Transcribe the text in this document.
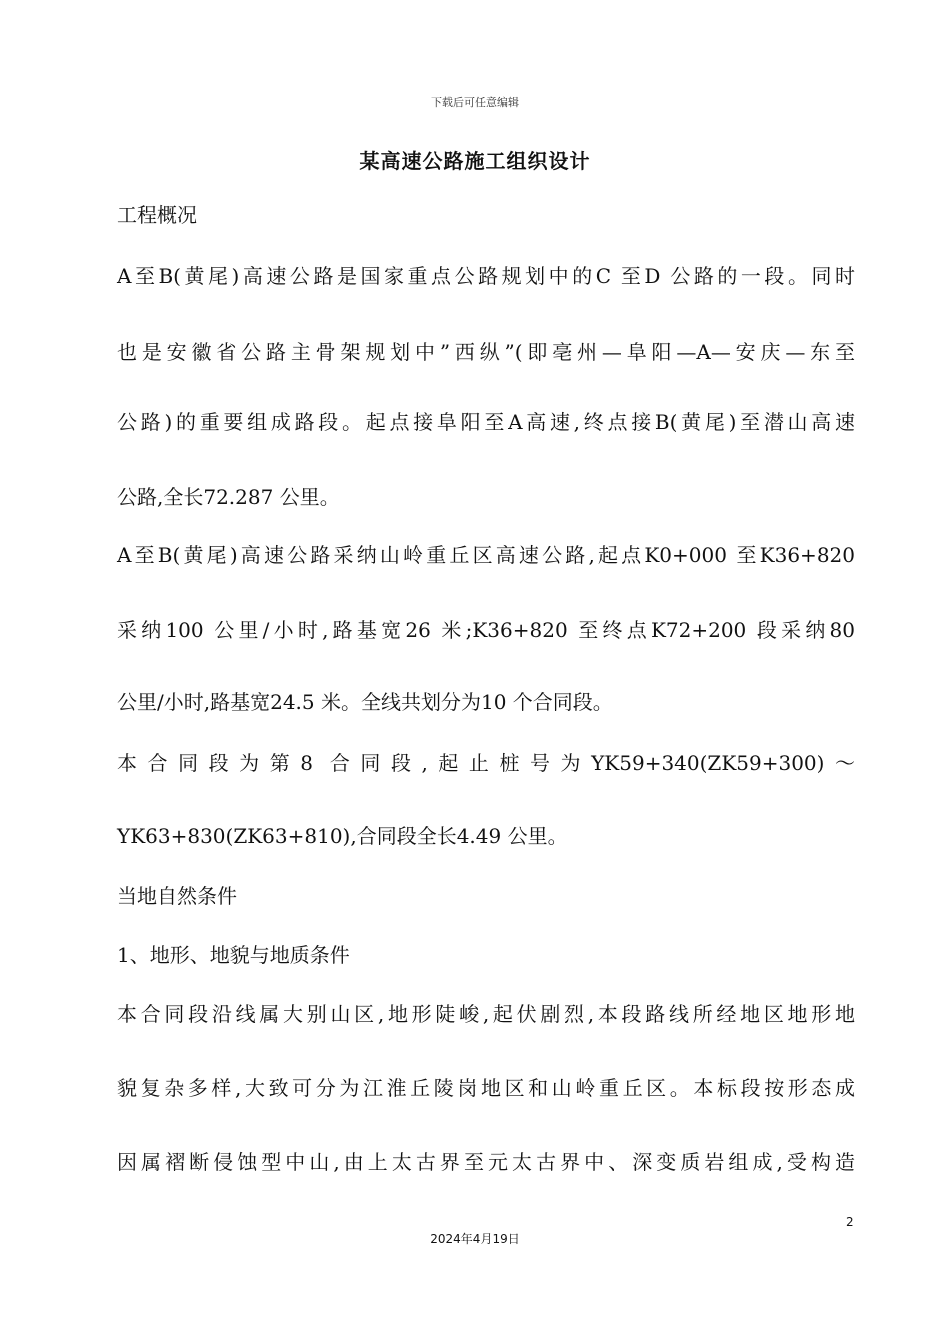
下载后可任意编辑
某高速公路施工组织设计
工程概况
A至B(黄尾)高速公路是国家重点公路规划中的C 至D 公路的一段。同时
也是安徽省公路主骨架规划中”西纵”(即亳州—阜阳—A—安庆—东至
公路)的重要组成路段。起点接阜阳至A高速,终点接B(黄尾)至潜山高速
公路,全长72.287 公里。
A至B(黄尾)高速公路采纳山岭重丘区高速公路,起点K0+000 至K36+820
采纳100 公里/小时,路基宽26 米;K36+820 至终点K72+200 段采纳80
公里/小时,路基宽24.5 米。全线共划分为10 个合同段。
本合同段为第8 合同段,起止桩号为YK59+340(ZK59+300)～
YK63+830(ZK63+810),合同段全长4.49 公里。
当地自然条件
1、地形、地貌与地质条件
本合同段沿线属大别山区,地形陡峻,起伏剧烈,本段路线所经地区地形地
貌复杂多样,大致可分为江淮丘陵岗地区和山岭重丘区。本标段按形态成
因属褶断侵蚀型中山,由上太古界至元太古界中、深变质岩组成,受构造
2
2024年4月19日
